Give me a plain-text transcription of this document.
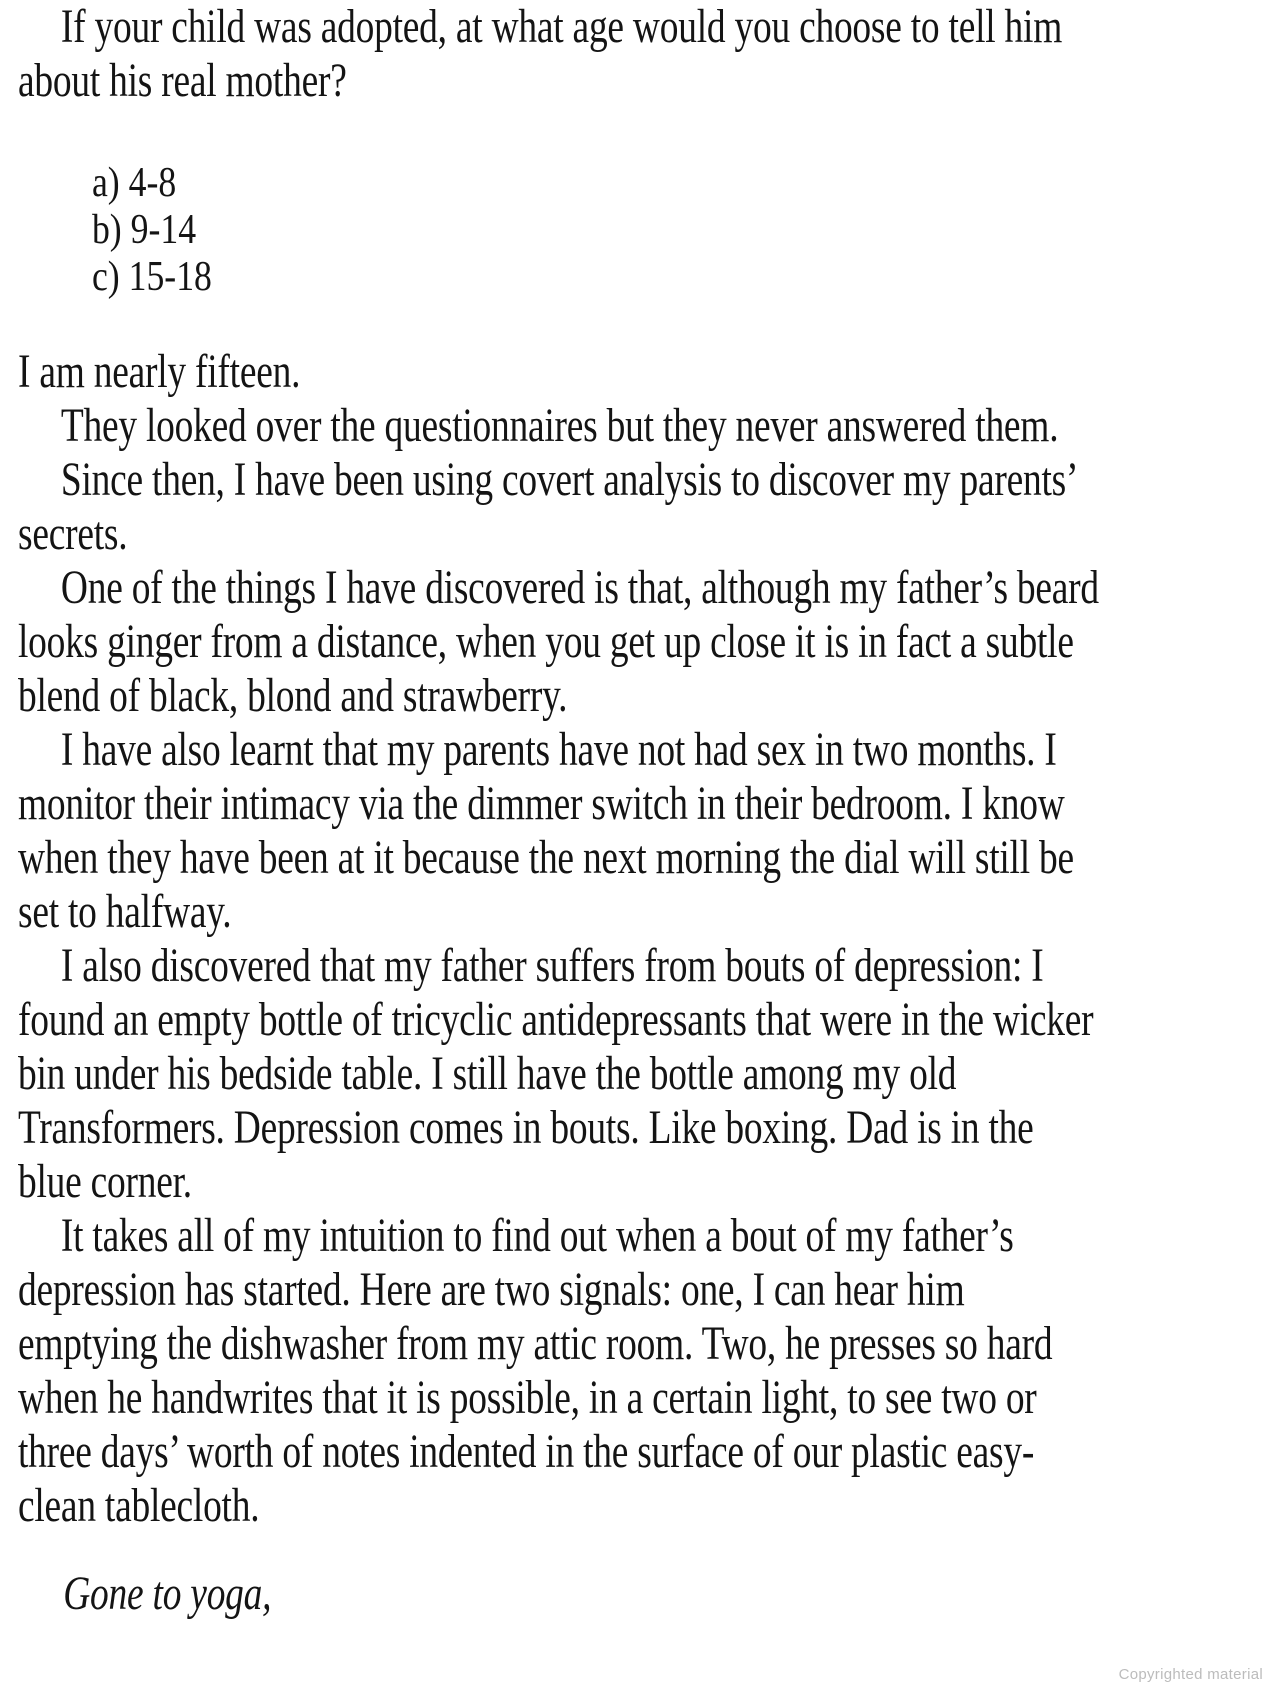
If your child was adopted, at what age would you choose to tell him
about his real mother?
a) 4-8
b) 9-14
c) 15-18
I am nearly fifteen.
They looked over the questionnaires but they never answered them.
Since then, I have been using covert analysis to discover my parents’
secrets.
One of the things I have discovered is that, although my father’s beard
looks ginger from a distance, when you get up close it is in fact a subtle
blend of black, blond and strawberry.
I have also learnt that my parents have not had sex in two months. I
monitor their intimacy via the dimmer switch in their bedroom. I know
when they have been at it because the next morning the dial will still be
set to halfway.
I also discovered that my father suffers from bouts of depression: I
found an empty bottle of tricyclic antidepressants that were in the wicker
bin under his bedside table. I still have the bottle among my old
Transformers. Depression comes in bouts. Like boxing. Dad is in the
blue corner.
It takes all of my intuition to find out when a bout of my father’s
depression has started. Here are two signals: one, I can hear him
emptying the dishwasher from my attic room. Two, he presses so hard
when he handwrites that it is possible, in a certain light, to see two or
three days’ worth of notes indented in the surface of our plastic easy-
clean tablecloth.
Gone to yoga,
Copyrighted material
